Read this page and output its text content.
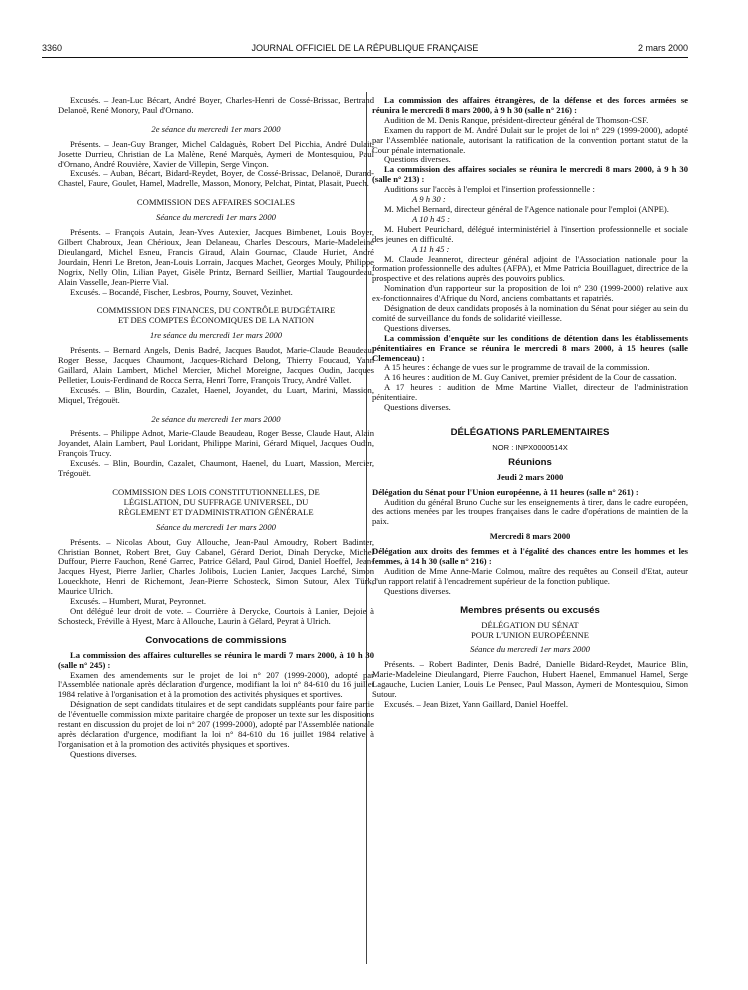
3360	JOURNAL OFFICIEL DE LA RÉPUBLIQUE FRANÇAISE	2 mars 2000

Excusés. – Jean-Luc Bécart, André Boyer, Charles-Henri de Cossé-Brissac, Bertrand Delanoë, René Monory, Paul d'Ornano.

2e séance du mercredi 1er mars 2000

Présents. – Jean-Guy Branger, Michel Caldaguès, Robert Del Picchia, André Dulait, Josette Durrieu, Christian de La Malène, René Marquès, Aymeri de Montesquiou, Paul d'Ornano, André Rouvière, Xavier de Villepin, Serge Vinçon.

Excusés. – Auban, Bécart, Bidard-Reydet, Boyer, de Cossé-Brissac, Delanoë, Durand-Chastel, Faure, Goulet, Hamel, Madrelle, Masson, Monory, Pelchat, Pintat, Plasait, Puech.

COMMISSION DES AFFAIRES SOCIALES

Séance du mercredi 1er mars 2000

Présents. – François Autain, Jean-Yves Autexier, Jacques Bimbenet, Louis Boyer, Gilbert Chabroux, Jean Chérioux, Jean Delaneau, Charles Descours, Marie-Madeleine Dieulangard, Michel Esneu, Francis Giraud, Alain Gournac, Claude Huriet, André Jourdain, Henri Le Breton, Jean-Louis Lorrain, Jacques Machet, Georges Mouly, Philippe Nogrix, Nelly Olin, Lilian Payet, Gisèle Printz, Bernard Seillier, Martial Taugourdeau, Alain Vasselle, Jean-Pierre Vial.

Excusés. – Bocandé, Fischer, Lesbros, Pourny, Souvet, Vezinhet.

COMMISSION DES FINANCES, DU CONTRÔLE BUDGÉTAIRE

ET DES COMPTES ÉCONOMIQUES DE LA NATION

1re séance du mercredi 1er mars 2000

Présents. – Bernard Angels, Denis Badré, Jacques Baudot, Marie-Claude Beaudeau, Roger Besse, Jacques Chaumont, Jacques-Richard Delong, Thierry Foucaud, Yann Gaillard, Alain Lambert, Michel Mercier, Michel Moreigne, Jacques Oudin, Jacques Pelletier, Louis-Ferdinand de Rocca Serra, Henri Torre, François Trucy, André Vallet.

Excusés. – Blin, Bourdin, Cazalet, Haenel, Joyandet, du Luart, Marini, Massion, Miquel, Trégouët.

2e séance du mercredi 1er mars 2000

Présents. – Philippe Adnot, Marie-Claude Beaudeau, Roger Besse, Claude Haut, Alain Joyandet, Alain Lambert, Paul Loridant, Philippe Marini, Gérard Miquel, Jacques Oudin, François Trucy.

Excusés. – Blin, Bourdin, Cazalet, Chaumont, Haenel, du Luart, Massion, Mercier, Trégouët.

COMMISSION DES LOIS CONSTITUTIONNELLES, DE

LÉGISLATION, DU SUFFRAGE UNIVERSEL, DU

RÈGLEMENT ET D'ADMINISTRATION GÉNÉRALE

Séance du mercredi 1er mars 2000

Présents. – Nicolas About, Guy Allouche, Jean-Paul Amoudry, Robert Badinter, Christian Bonnet, Robert Bret, Guy Cabanel, Gérard Deriot, Dinah Derycke, Michel Duffour, Pierre Fauchon, René Garrec, Patrice Gélard, Paul Girod, Daniel Hoeffel, Jean-Jacques Hyest, Pierre Jarlier, Charles Jolibois, Lucien Lanier, Jacques Larché, Simon Loueckhote, Henri de Richemont, Jean-Pierre Schosteck, Simon Sutour, Alex Türk, Maurice Ulrich.

Excusés. – Humbert, Murat, Peyronnet.

Ont délégué leur droit de vote. – Courrière à Derycke, Courtois à Lanier, Dejoie à Schosteck, Fréville à Hyest, Marc à Allouche, Laurin à Gélard, Peyrat à Ulrich.

Convocations de commissions

La commission des affaires culturelles se réunira le mardi 7 mars 2000, à 10 h 30 (salle n° 245) :

Examen des amendements sur le projet de loi n° 207 (1999-2000), adopté par l'Assemblée nationale après déclaration d'urgence, modifiant la loi n° 84-610 du 16 juillet 1984 relative à l'organisation et à la promotion des activités physiques et sportives.

Désignation de sept candidats titulaires et de sept candidats suppléants pour faire partie de l'éventuelle commission mixte paritaire chargée de proposer un texte sur les dispositions restant en discussion du projet de loi n° 207 (1999-2000), adopté par l'Assemblée nationale après déclaration d'urgence, modifiant la loi n° 84-610 du 16 juillet 1984 relative à l'organisation et à la promotion des activités physiques et sportives.

Questions diverses.

La commission des affaires étrangères, de la défense et des forces armées se réunira le mercredi 8 mars 2000, à 9 h 30 (salle n° 216) :

Audition de M. Denis Ranque, président-directeur général de Thomson-CSF.

Examen du rapport de M. André Dulait sur le projet de loi n° 229 (1999-2000), adopté par l'Assemblée nationale, autorisant la ratification de la convention portant statut de la Cour pénale internationale.

Questions diverses.

La commission des affaires sociales se réunira le mercredi 8 mars 2000, à 9 h 30 (salle n° 213) :

Auditions sur l'accès à l'emploi et l'insertion professionnelle :

A 9 h 30 :

M. Michel Bernard, directeur général de l'Agence nationale pour l'emploi (ANPE).

A 10 h 45 :

M. Hubert Peurichard, délégué interministériel à l'insertion professionnelle et sociale des jeunes en difficulté.

A 11 h 45 :

M. Claude Jeannerot, directeur général adjoint de l'Association nationale pour la formation professionnelle des adultes (AFPA), et Mme Patricia Bouillaguet, directrice de la prospective et des relations auprès des pouvoirs publics.

Nomination d'un rapporteur sur la proposition de loi n° 230 (1999-2000) relative aux ex-fonctionnaires d'Afrique du Nord, anciens combattants et rapatriés.

Désignation de deux candidats proposés à la nomination du Sénat pour siéger au sein du comité de surveillance du fonds de solidarité vieillesse.

Questions diverses.

La commission d'enquête sur les conditions de détention dans les établissements pénitentiaires en France se réunira le mercredi 8 mars 2000, à 15 heures (salle Clemenceau) :

A 15 heures : échange de vues sur le programme de travail de la commission.

A 16 heures : audition de M. Guy Canivet, premier président de la Cour de cassation.

A 17 heures : audition de Mme Martine Viallet, directeur de l'administration pénitentiaire.

Questions diverses.

DÉLÉGATIONS PARLEMENTAIRES

NOR : INPX0000514X

Réunions

Jeudi 2 mars 2000

Délégation du Sénat pour l'Union européenne, à 11 heures (salle n° 261) :

Audition du général Bruno Cuche sur les enseignements à tirer, dans le cadre européen, des actions menées par les troupes françaises dans le cadre d'opérations de maintien de la paix.

Mercredi 8 mars 2000

Délégation aux droits des femmes et à l'égalité des chances entre les hommes et les femmes, à 14 h 30 (salle n° 216) :

Audition de Mme Anne-Marie Colmou, maître des requêtes au Conseil d'Etat, auteur d'un rapport relatif à l'encadrement supérieur de la fonction publique.

Questions diverses.

Membres présents ou excusés

DÉLÉGATION DU SÉNAT

POUR L'UNION EUROPÉENNE

Séance du mercredi 1er mars 2000

Présents. – Robert Badinter, Denis Badré, Danielle Bidard-Reydet, Maurice Blin, Marie-Madeleine Dieulangard, Pierre Fauchon, Hubert Haenel, Emmanuel Hamel, Serge Lagauche, Lucien Lanier, Louis Le Pensec, Paul Masson, Aymeri de Montesquiou, Simon Sutour.

Excusés. – Jean Bizet, Yann Gaillard, Daniel Hoeffel.
